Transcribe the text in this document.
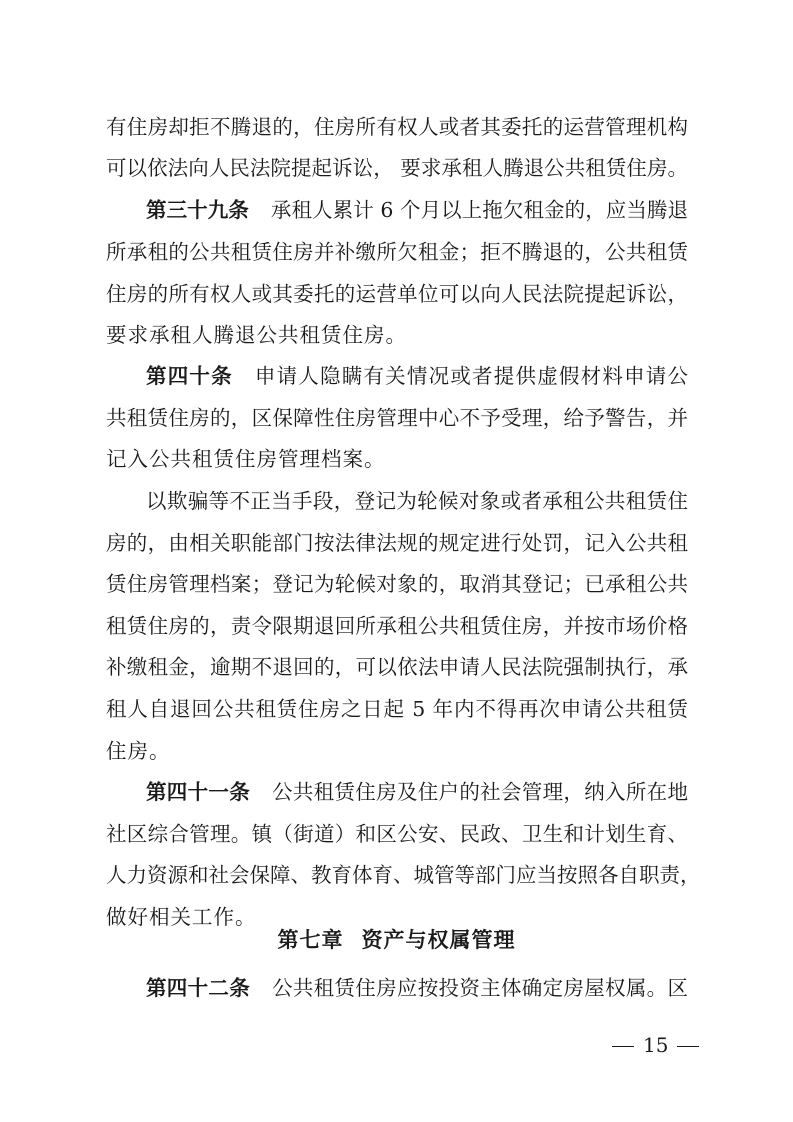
有住房却拒不腾退的，住房所有权人或者其委托的运营管理机构
可以依法向人民法院提起诉讼， 要求承租人腾退公共租赁住房。
第三十九条 承租人累计 6 个月以上拖欠租金的，应当腾退
所承租的公共租赁住房并补缴所欠租金；拒不腾退的，公共租赁
住房的所有权人或其委托的运营单位可以向人民法院提起诉讼，
要求承租人腾退公共租赁住房。
第四十条 申请人隐瞒有关情况或者提供虚假材料申请公
共租赁住房的，区保障性住房管理中心不予受理，给予警告，并
记入公共租赁住房管理档案。
以欺骗等不正当手段，登记为轮候对象或者承租公共租赁住
房的，由相关职能部门按法律法规的规定进行处罚，记入公共租
赁住房管理档案；登记为轮候对象的，取消其登记；已承租公共
租赁住房的，责令限期退回所承租公共租赁住房，并按市场价格
补缴租金，逾期不退回的，可以依法申请人民法院强制执行，承
租人自退回公共租赁住房之日起 5 年内不得再次申请公共租赁
住房。
第四十一条 公共租赁住房及住户的社会管理，纳入所在地
社区综合管理。镇（街道）和区公安、民政、卫生和计划生育、
人力资源和社会保障、教育体育、城管等部门应当按照各自职责，
做好相关工作。
第七章 资产与权属管理
第四十二条 公共租赁住房应按投资主体确定房屋权属。区
15
